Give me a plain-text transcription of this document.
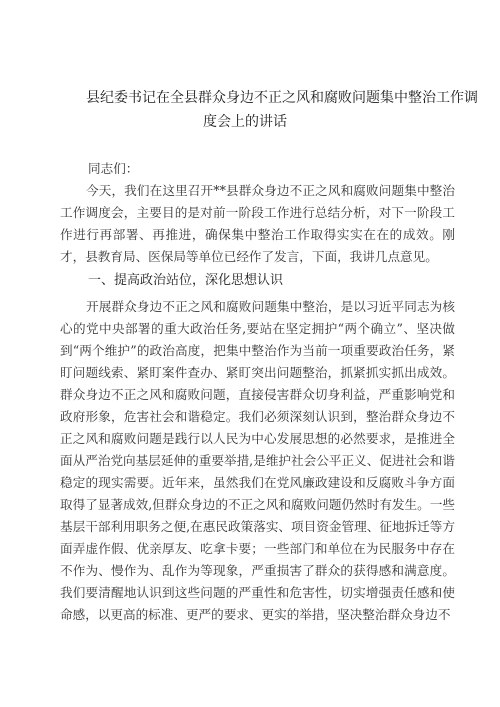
县纪委书记在全县群众身边不正之风和腐败问题集中整治工作调
度会上的讲话
同志们：
今天，我们在这里召开**县群众身边不正之风和腐败问题集中整治工作调度会，主要目的是对前一阶段工作进行总结分析，对下一阶段工作进行再部署、再推进，确保集中整治工作取得实实在在的成效。刚才，县教育局、医保局等单位已经作了发言，下面，我讲几点意见。
一、提高政治站位，深化思想认识
开展群众身边不正之风和腐败问题集中整治，是以习近平同志为核心的党中央部署的重大政治任务,要站在坚定拥护“两个确立”、坚决做到“两个维护”的政治高度，把集中整治作为当前一项重要政治任务，紧盯问题线索、紧盯案件查办、紧盯突出问题整治，抓紧抓实抓出成效。群众身边不正之风和腐败问题，直接侵害群众切身利益，严重影响党和政府形象，危害社会和谐稳定。我们必须深刻认识到，整治群众身边不正之风和腐败问题是践行以人民为中心发展思想的必然要求，是推进全面从严治党向基层延伸的重要举措,是维护社会公平正义、促进社会和谐稳定的现实需要。近年来，虽然我们在党风廉政建设和反腐败斗争方面取得了显著成效,但群众身边的不正之风和腐败问题仍然时有发生。一些基层干部利用职务之便,在惠民政策落实、项目资金管理、征地拆迁等方面弄虚作假、优亲厚友、吃拿卡要；一些部门和单位在为民服务中存在不作为、慢作为、乱作为等现象，严重损害了群众的获得感和满意度。我们要清醒地认识到这些问题的严重性和危害性，切实增强责任感和使命感，以更高的标准、更严的要求、更实的举措，坚决整治群众身边不
